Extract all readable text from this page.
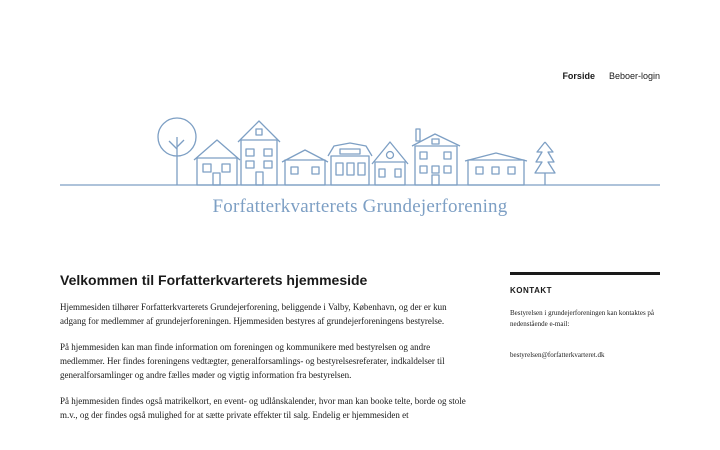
Forside Beboer-login
Forfatterkvarterets Grundejerforening
Velkommen til Forfatterkvarterets hjemmeside

Hjemmesiden tilhører Forfatterkvarterets Grundejerforening, beliggende i Valby, København, og der er kun adgang for medlemmer af grundejerforeningen. Hjemmesiden bestyres af grundejerforeningens bestyrelse.

På hjemmesiden kan man finde information om foreningen og kommunikere med bestyrelsen og andre medlemmer. Her findes foreningens vedtægter, generalforsamlings- og bestyrelsesreferater, indkaldelser til generalforsamlinger og andre fælles møder og vigtig information fra bestyrelsen.

På hjemmesiden findes også matrikelkort, en event- og udlånskalender, hvor man kan booke telte, borde og stole m.v., og der findes også mulighed for at sætte private effekter til salg. Endelig er hjemmesiden et

KONTAKT

Bestyrelsen i grundejerforeningen kan kontaktes på nedenstående e-mail:

bestyrelsen@forfatterkvarteret.dk
